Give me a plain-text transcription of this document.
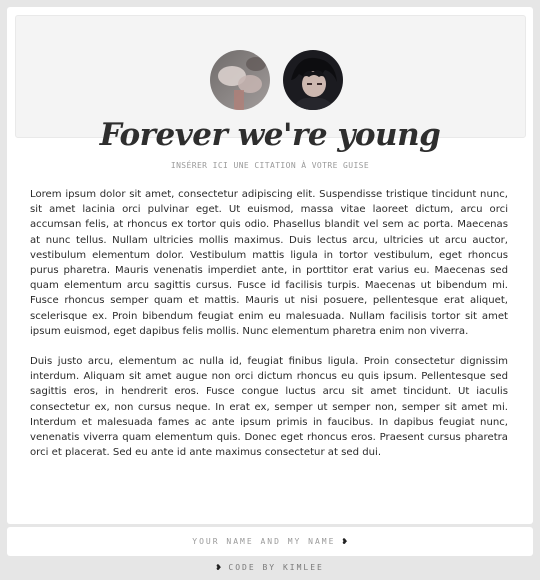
Forever we're young
INSÉRER ICI UNE CITATION À VOTRE GUISE

Lorem ipsum dolor sit amet, consectetur adipiscing elit. Suspendisse tristique tincidunt nunc, sit amet lacinia orci pulvinar eget. Ut euismod, massa vitae laoreet dictum, arcu orci accumsan felis, at rhoncus ex tortor quis odio. Phasellus blandit vel sem ac porta. Maecenas at nunc tellus. Nullam ultricies mollis maximus. Duis lectus arcu, ultricies ut arcu auctor, vestibulum elementum dolor. Vestibulum mattis ligula in tortor vestibulum, eget rhoncus purus pharetra. Mauris venenatis imperdiet ante, in porttitor erat varius eu. Maecenas sed quam elementum arcu sagittis cursus. Fusce id facilisis turpis. Maecenas ut bibendum mi. Fusce rhoncus semper quam et mattis. Mauris ut nisi posuere, pellentesque erat aliquet, scelerisque ex. Proin bibendum feugiat enim eu malesuada. Nullam facilisis tortor sit amet ipsum euismod, eget dapibus felis mollis. Nunc elementum pharetra enim non viverra.

Duis justo arcu, elementum ac nulla id, feugiat finibus ligula. Proin consectetur dignissim interdum. Aliquam sit amet augue non orci dictum rhoncus eu quis ipsum. Pellentesque sed sagittis eros, in hendrerit eros. Fusce congue luctus arcu sit amet tincidunt. Ut iaculis consectetur ex, non cursus neque. In erat ex, semper ut semper non, semper sit amet mi. Interdum et malesuada fames ac ante ipsum primis in faucibus. In dapibus feugiat nunc, venenatis viverra quam elementum quis. Donec eget rhoncus eros. Praesent cursus pharetra orci et placerat. Sed eu ante id ante maximus consectetur at sed dui.

YOUR NAME AND MY NAME ❥
❥ CODE BY KIMLEE
